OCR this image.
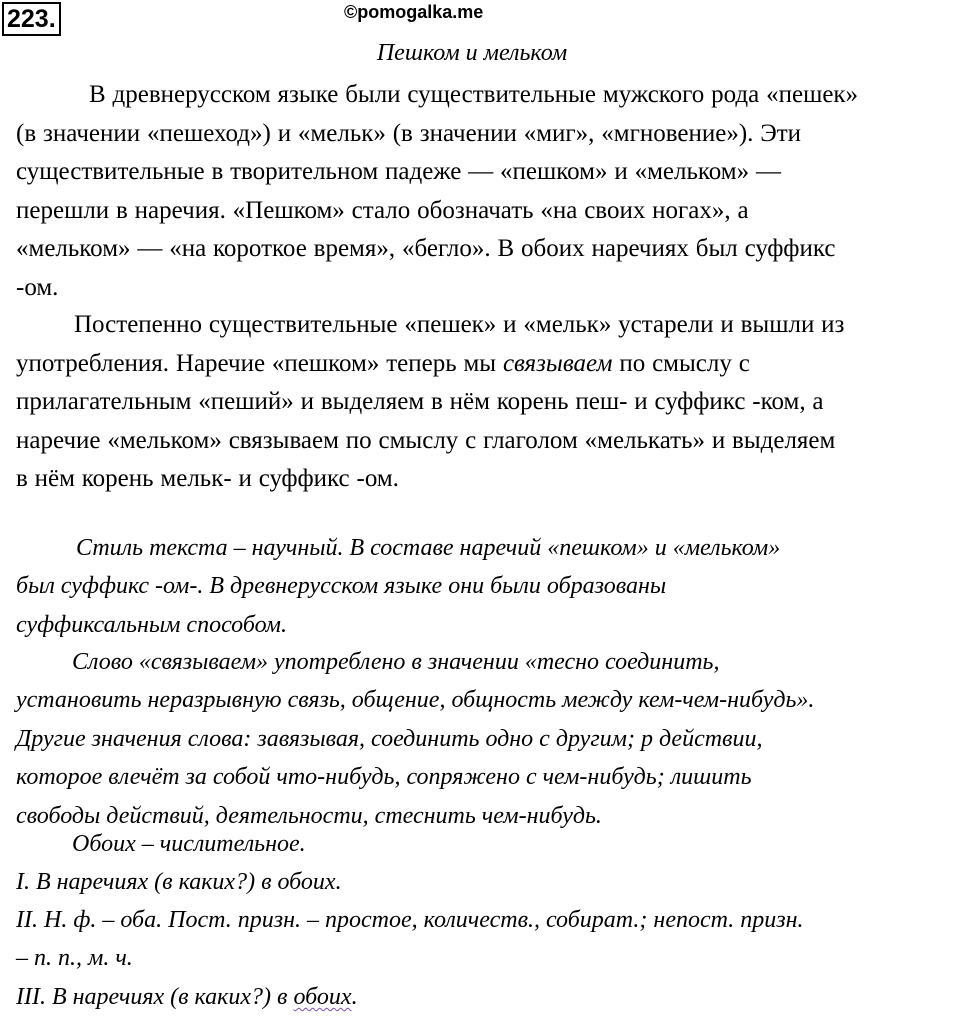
223.	©pomogalka.me
Пешком и мельком
В древнерусском языке были существительные мужского рода «пешек»
(в значении «пешеход») и «мельк» (в значении «миг», «мгновение»). Эти
существительные в творительном падеже — «пешком» и «мельком» —
перешли в наречия. «Пешком» стало обозначать «на своих ногах», а
«мельком» — «на короткое время», «бегло». В обоих наречиях был суффикс
-ом.
Постепенно существительные «пешек» и «мельк» устарели и вышли из
употребления. Наречие «пешком» теперь мы связываем по смыслу с
прилагательным «пеший» и выделяем в нём корень пеш- и суффикс -ком, а
наречие «мельком» связываем по смыслу с глаголом «мелькать» и выделяем
в нём корень мельк- и суффикс -ом.
Стиль текста – научный. В составе наречий «пешком» и «мельком»
был суффикс -ом-. В древнерусском языке они были образованы
суффиксальным способом.
Слово «связываем» употреблено в значении «тесно соединить,
установить неразрывную связь, общение, общность между кем-чем-нибудь».
Другие значения слова: завязывая, соединить одно с другим; р действии,
которое влечёт за собой что-нибудь, сопряжено с чем-нибудь; лишить
свободы действий, деятельности, стеснить чем-нибудь.
Обоих – числительное.
I. В наречиях (в каких?) в обоих.
II. Н. ф. – оба. Пост. призн. – простое, количеств., собират.; непост. призн.
– п. п., м. ч.
III. В наречиях (в каких?) в обоих.
